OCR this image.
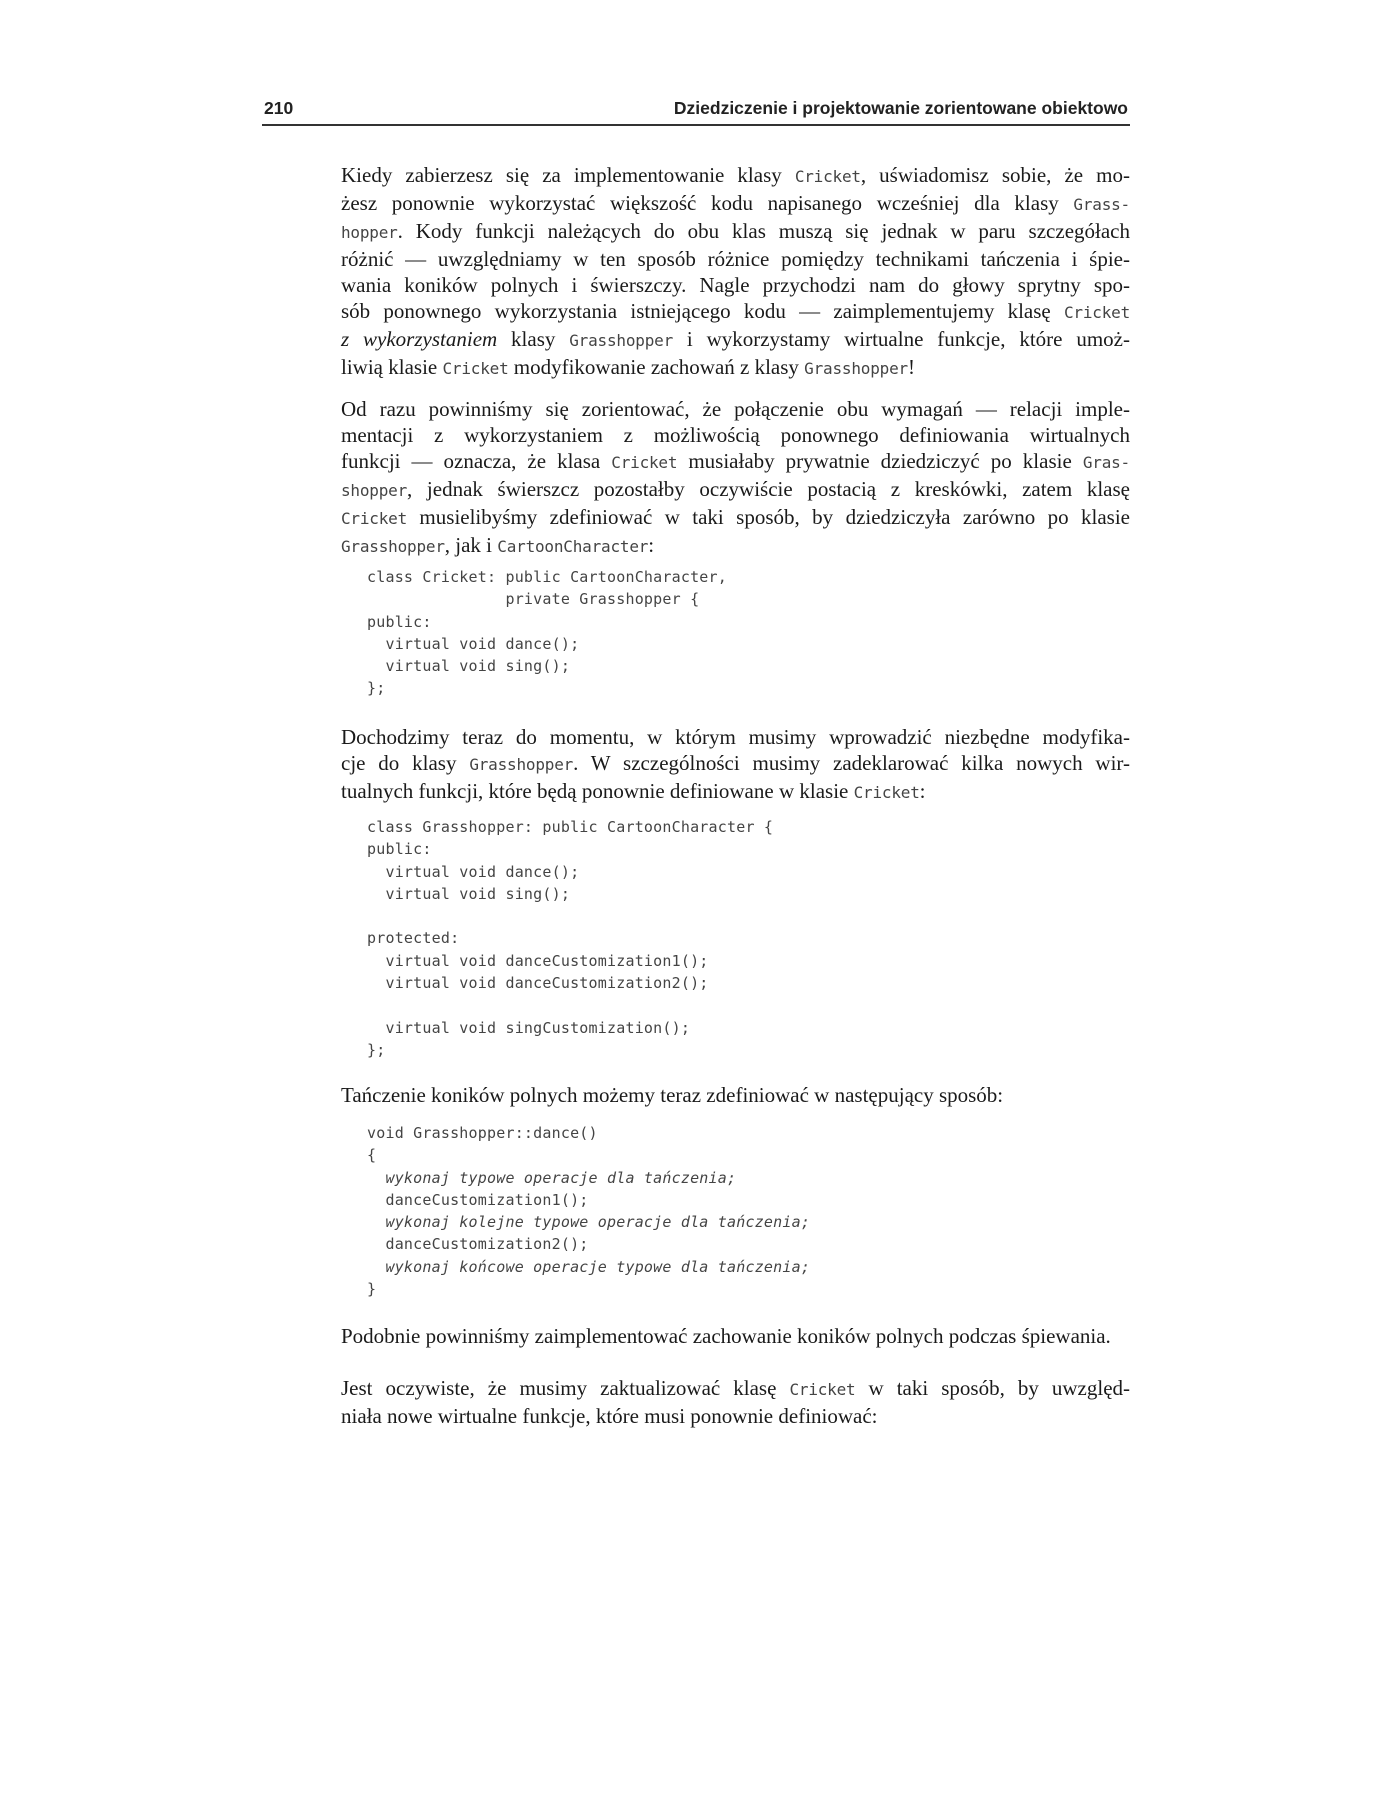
210	Dziedziczenie i projektowanie zorientowane obiektowo
Kiedy zabierzesz się za implementowanie klasy Cricket, uświadomisz sobie, że mo-
żesz ponownie wykorzystać większość kodu napisanego wcześniej dla klasy Grass-
hopper. Kody funkcji należących do obu klas muszą się jednak w paru szczegółach
różnić — uwzględniamy w ten sposób różnice pomiędzy technikami tańczenia i śpie-
wania koników polnych i świerszczy. Nagle przychodzi nam do głowy sprytny spo-
sób ponownego wykorzystania istniejącego kodu — zaimplementujemy klasę Cricket
z wykorzystaniem klasy Grasshopper i wykorzystamy wirtualne funkcje, które umoż-
liwią klasie Cricket modyfikowanie zachowań z klasy Grasshopper!
Od razu powinniśmy się zorientować, że połączenie obu wymagań — relacji imple-
mentacji z wykorzystaniem z możliwością ponownego definiowania wirtualnych
funkcji — oznacza, że klasa Cricket musiałaby prywatnie dziedziczyć po klasie Gras-
shopper, jednak świerszcz pozostałby oczywiście postacią z kreskówki, zatem klasę
Cricket musielibyśmy zdefiniować w taki sposób, by dziedziczyła zarówno po klasie
Grasshopper, jak i CartoonCharacter:
class Cricket: public CartoonCharacter,
private Grasshopper {
public:
virtual void dance();
virtual void sing();
};
Dochodzimy teraz do momentu, w którym musimy wprowadzić niezbędne modyfika-
cje do klasy Grasshopper. W szczególności musimy zadeklarować kilka nowych wir-
tualnych funkcji, które będą ponownie definiowane w klasie Cricket:
class Grasshopper: public CartoonCharacter {
public:
virtual void dance();
virtual void sing();
protected:
virtual void danceCustomization1();
virtual void danceCustomization2();
virtual void singCustomization();
};
Tańczenie koników polnych możemy teraz zdefiniować w następujący sposób:
void Grasshopper::dance()
{
wykonaj typowe operacje dla tańczenia;
danceCustomization1();
wykonaj kolejne typowe operacje dla tańczenia;
danceCustomization2();
wykonaj końcowe operacje typowe dla tańczenia;
}
Podobnie powinniśmy zaimplementować zachowanie koników polnych podczas śpiewania.
Jest oczywiste, że musimy zaktualizować klasę Cricket w taki sposób, by uwzględ-
niała nowe wirtualne funkcje, które musi ponownie definiować:
